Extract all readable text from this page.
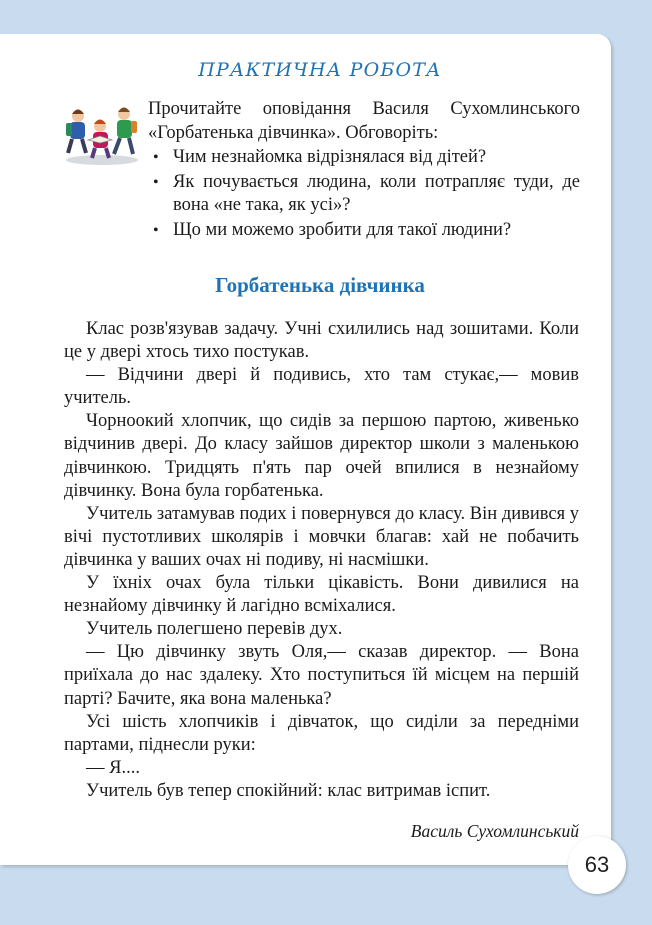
ПРАКТИЧНА РОБОТА

Прочитайте оповідання Василя Сухомлинського «Горбатенька дівчинка». Обговоріть:

• Чим незнайомка відрізнялася від дітей?
• Як почувається людина, коли потрапляє туди, де вона «не така, як усі»?
• Що ми можемо зробити для такої людини?
Горбатенька дівчинка

Клас розв'язував задачу. Учні схилились над зошитами. Коли це у двері хтось тихо постукав.

— Відчини двері й подивись, хто там стукає,— мовив учитель.

Чорноокий хлопчик, що сидів за першою партою, живенько відчинив двері. До класу зайшов директор школи з маленькою дівчинкою. Тридцять п'ять пар очей впилися в незнайому дівчинку. Вона була горбатенька.

Учитель затамував подих і повернувся до класу. Він дивився у вічі пустотливих школярів і мовчки благав: хай не побачить дівчинка у ваших очах ні подиву, ні насмішки.

У їхніх очах була тільки цікавість. Вони дивилися на незнайому дівчинку й лагідно всміхалися.

Учитель полегшено перевів дух.

— Цю дівчинку звуть Оля,— сказав директор. — Вона приїхала до нас здалеку. Хто поступиться їй місцем на першій парті? Бачите, яка вона маленька?

Усі шість хлопчиків і дівчаток, що сиділи за передніми партами, піднесли руки:

— Я....

Учитель був тепер спокійний: клас витримав іспит.

Василь Сухомлинський
63
